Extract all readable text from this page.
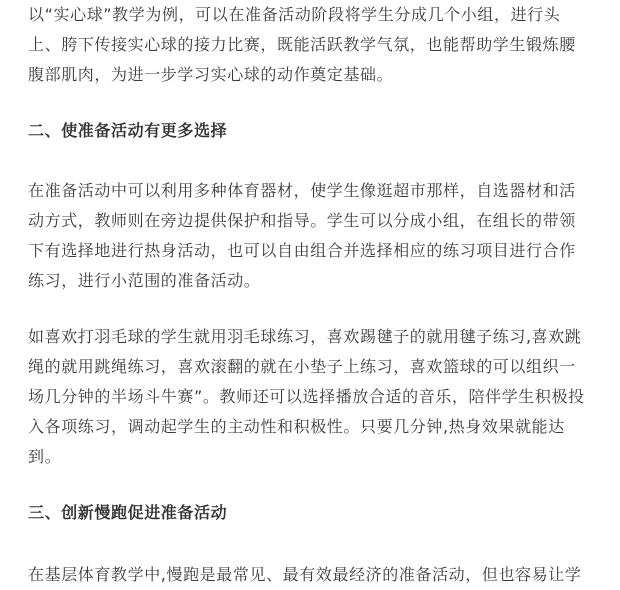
以“实心球”教学为例，可以在准备活动阶段将学生分成几个小组，进行头
上、胯下传接实心球的接力比赛，既能活跃教学气氛，也能帮助学生锻炼腰
腹部肌肉，为进一步学习实心球的动作奠定基础。

二、使准备活动有更多选择

在准备活动中可以利用多种体育器材，使学生像逛超市那样，自选器材和活
动方式，教师则在旁边提供保护和指导。学生可以分成小组，在组长的带领
下有选择地进行热身活动，也可以自由组合并选择相应的练习项目进行合作
练习，进行小范围的准备活动。

如喜欢打羽毛球的学生就用羽毛球练习，喜欢踢毽子的就用毽子练习,喜欢跳
绳的就用跳绳练习，喜欢滚翻的就在小垫子上练习，喜欢篮球的可以组织一
场几分钟的半场斗牛赛”。教师还可以选择播放合适的音乐，陪伴学生积极投
入各项练习，调动起学生的主动性和积极性。只要几分钟,热身效果就能达
到。

三、创新慢跑促进准备活动

在基层体育教学中,慢跑是最常见、最有效最经济的准备活动，但也容易让学
